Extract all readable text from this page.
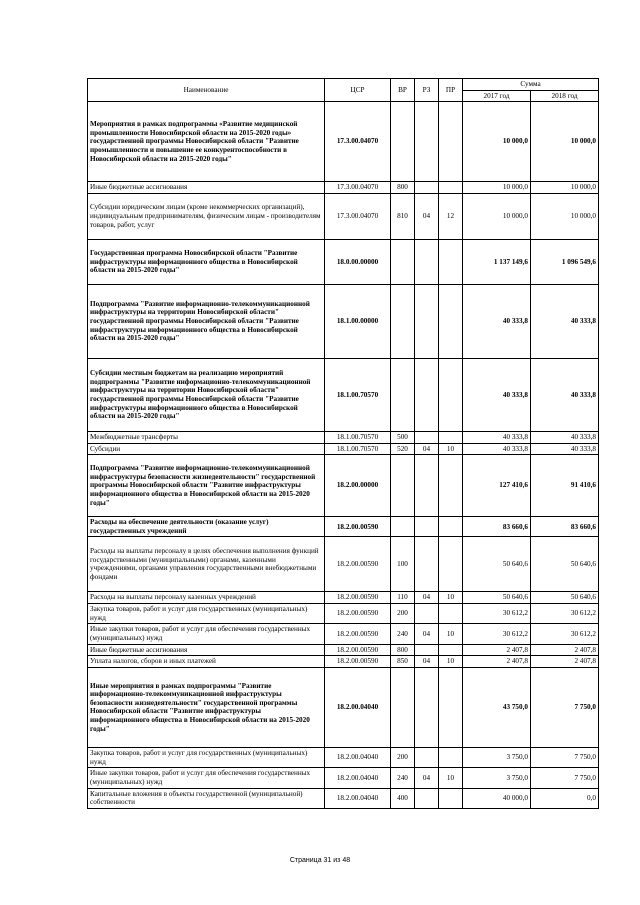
Наименование	ЦСР	ВР	РЗ	ПР	Сумма	
					2017 год	2018 год
Мероприятия в рамках подпрограммы «Развитие медицинской промышленности Новосибирской области на 2015-2020 годы» государственной программы Новосибирской области "Развитие промышленности и повышение ее конкурентоспособности в Новосибирской области на 2015-2020 годы"	17.3.00.04070				10 000,0	10 000,0
Иные бюджетные ассигнования	17.3.00.04070	800			10 000,0	10 000,0
Субсидии юридическим лицам (кроме некоммерческих организаций), индивидуальным предпринимателям, физическим лицам - производителям товаров, работ, услуг	17.3.00.04070	810	04	12	10 000,0	10 000,0
Государственная программа Новосибирской области "Развитие инфраструктуры информационного общества в Новосибирской области на 2015-2020 годы"	18.0.00.00000				1 137 149,6	1 096 549,6
Подпрограмма "Развитие информационно-телекоммуникационной инфраструктуры на территории Новосибирской области" государственной программы Новосибирской области "Развитие инфраструктуры информационного общества в Новосибирской области на 2015-2020 годы"	18.1.00.00000				40 333,8	40 333,8
Субсидии местным бюджетам на реализацию мероприятий подпрограммы "Развитие информационно-телекоммуникационной инфраструктуры на территории Новосибирской области" государственной программы Новосибирской области "Развитие инфраструктуры информационного общества в Новосибирской области на 2015-2020 годы"	18.1.00.70570				40 333,8	40 333,8
Межбюджетные трансферты	18.1.00.70570	500			40 333,8	40 333,8
Субсидии	18.1.00.70570	520	04	10	40 333,8	40 333,8
Подпрограмма "Развитие информационно-телекоммуникационной инфраструктуры безопасности жизнедеятельности" государственной программы Новосибирской области "Развитие инфраструктуры информационного общества в Новосибирской области на 2015-2020 годы"	18.2.00.00000				127 410,6	91 410,6
Расходы на обеспечение деятельности (оказание услуг) государственных учреждений	18.2.00.00590				83 660,6	83 660,6
Расходы на выплаты персоналу в целях обеспечения выполнения функций государственными (муниципальными) органами, казенными учреждениями, органами управления государственными внебюджетными фондами	18.2.00.00590	100			50 640,6	50 640,6
Расходы на выплаты персоналу казенных учреждений	18.2.00.00590	110	04	10	50 640,6	50 640,6
Закупка товаров, работ и услуг для государственных (муниципальных) нужд	18.2.00.00590	200			30 612,2	30 612,2
Иные закупки товаров, работ и услуг для обеспечения государственных (муниципальных) нужд	18.2.00.00590	240	04	10	30 612,2	30 612,2
Иные бюджетные ассигнования	18.2.00.00590	800			2 407,8	2 407,8
Уплата налогов, сборов и иных платежей	18.2.00.00590	850	04	10	2 407,8	2 407,8
Иные мероприятия в рамках подпрограммы "Развитие информационно-телекоммуникационной инфраструктуры безопасности жизнедеятельности" государственной программы Новосибирской области "Развитие инфраструктуры информационного общества в Новосибирской области на 2015-2020 годы"	18.2.00.04040				43 750,0	7 750,0
Закупка товаров, работ и услуг для государственных (муниципальных) нужд	18.2.00.04040	200			3 750,0	7 750,0
Иные закупки товаров, работ и услуг для обеспечения государственных (муниципальных) нужд	18.2.00.04040	240	04	10	3 750,0	7 750,0
Капитальные вложения в объекты государственной (муниципальной) собственности	18.2.00.04040	400			40 000,0	0,0
Страница 31 из 48
